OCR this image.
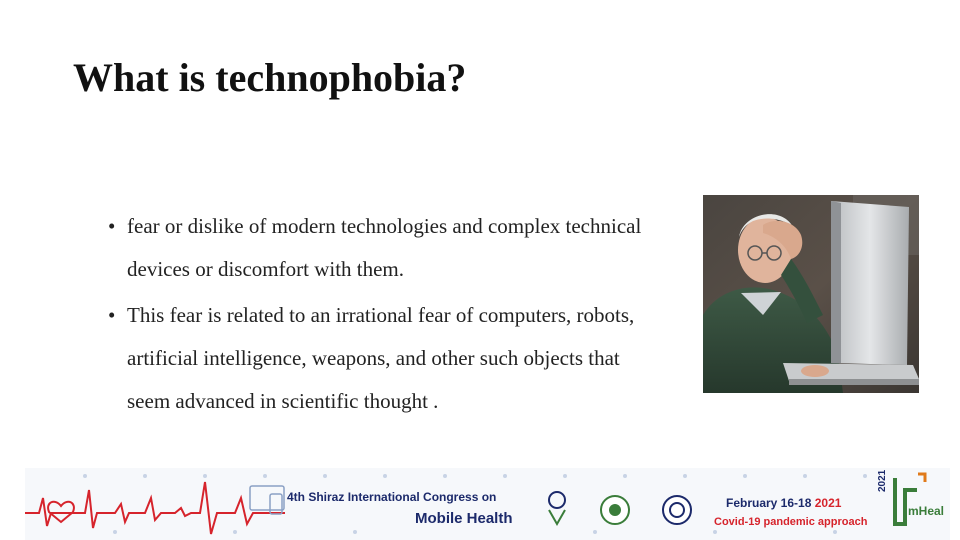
What is technophobia?
• fear or dislike of modern technologies and complex technical devices or discomfort with them.
• This fear is related to an irrational fear of computers, robots, artificial intelligence, weapons, and other such objects that seem advanced in scientific thought .
4th Shiraz International Congress on
Mobile Health
February 16-18 2021
Covid-19 pandemic approach
2021
mHeal
